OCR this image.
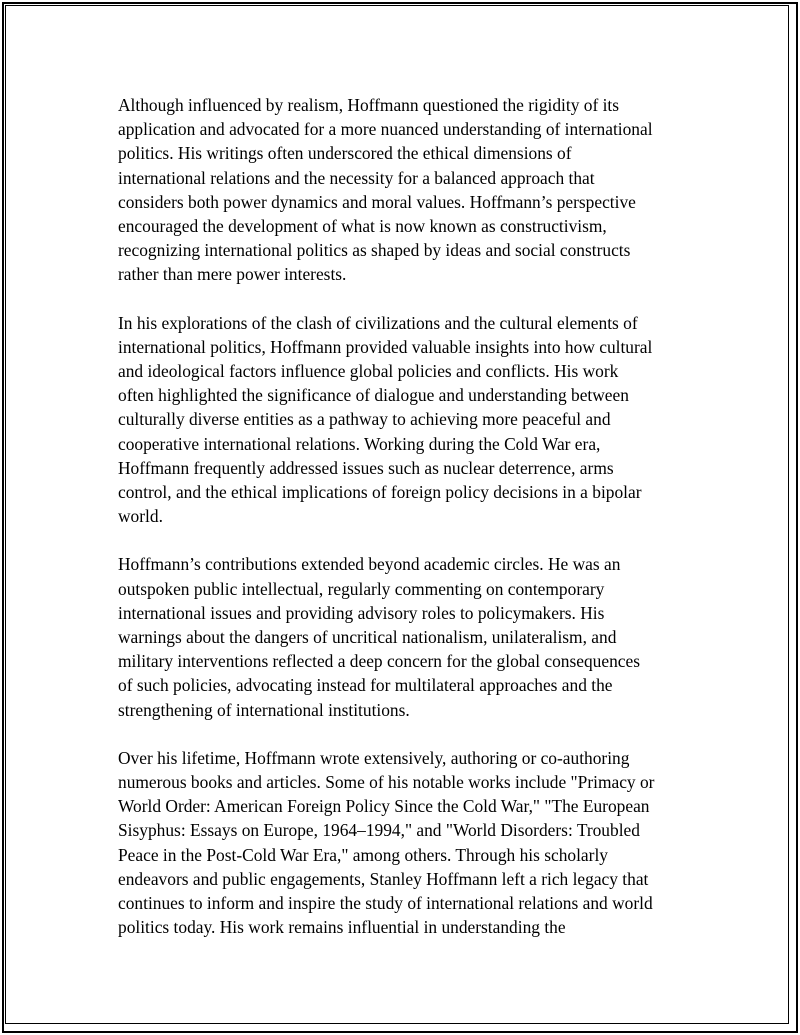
Although influenced by realism, Hoffmann questioned the rigidity of its
application and advocated for a more nuanced understanding of international
politics. His writings often underscored the ethical dimensions of
international relations and the necessity for a balanced approach that
considers both power dynamics and moral values. Hoffmann’s perspective
encouraged the development of what is now known as constructivism,
recognizing international politics as shaped by ideas and social constructs
rather than mere power interests.

In his explorations of the clash of civilizations and the cultural elements of
international politics, Hoffmann provided valuable insights into how cultural
and ideological factors influence global policies and conflicts. His work
often highlighted the significance of dialogue and understanding between
culturally diverse entities as a pathway to achieving more peaceful and
cooperative international relations. Working during the Cold War era,
Hoffmann frequently addressed issues such as nuclear deterrence, arms
control, and the ethical implications of foreign policy decisions in a bipolar
world.

Hoffmann’s contributions extended beyond academic circles. He was an
outspoken public intellectual, regularly commenting on contemporary
international issues and providing advisory roles to policymakers. His
warnings about the dangers of uncritical nationalism, unilateralism, and
military interventions reflected a deep concern for the global consequences
of such policies, advocating instead for multilateral approaches and the
strengthening of international institutions.

Over his lifetime, Hoffmann wrote extensively, authoring or co-authoring
numerous books and articles. Some of his notable works include "Primacy or
World Order: American Foreign Policy Since the Cold War," "The European
Sisyphus: Essays on Europe, 1964–1994," and "World Disorders: Troubled
Peace in the Post-Cold War Era," among others. Through his scholarly
endeavors and public engagements, Stanley Hoffmann left a rich legacy that
continues to inform and inspire the study of international relations and world
politics today. His work remains influential in understanding the
